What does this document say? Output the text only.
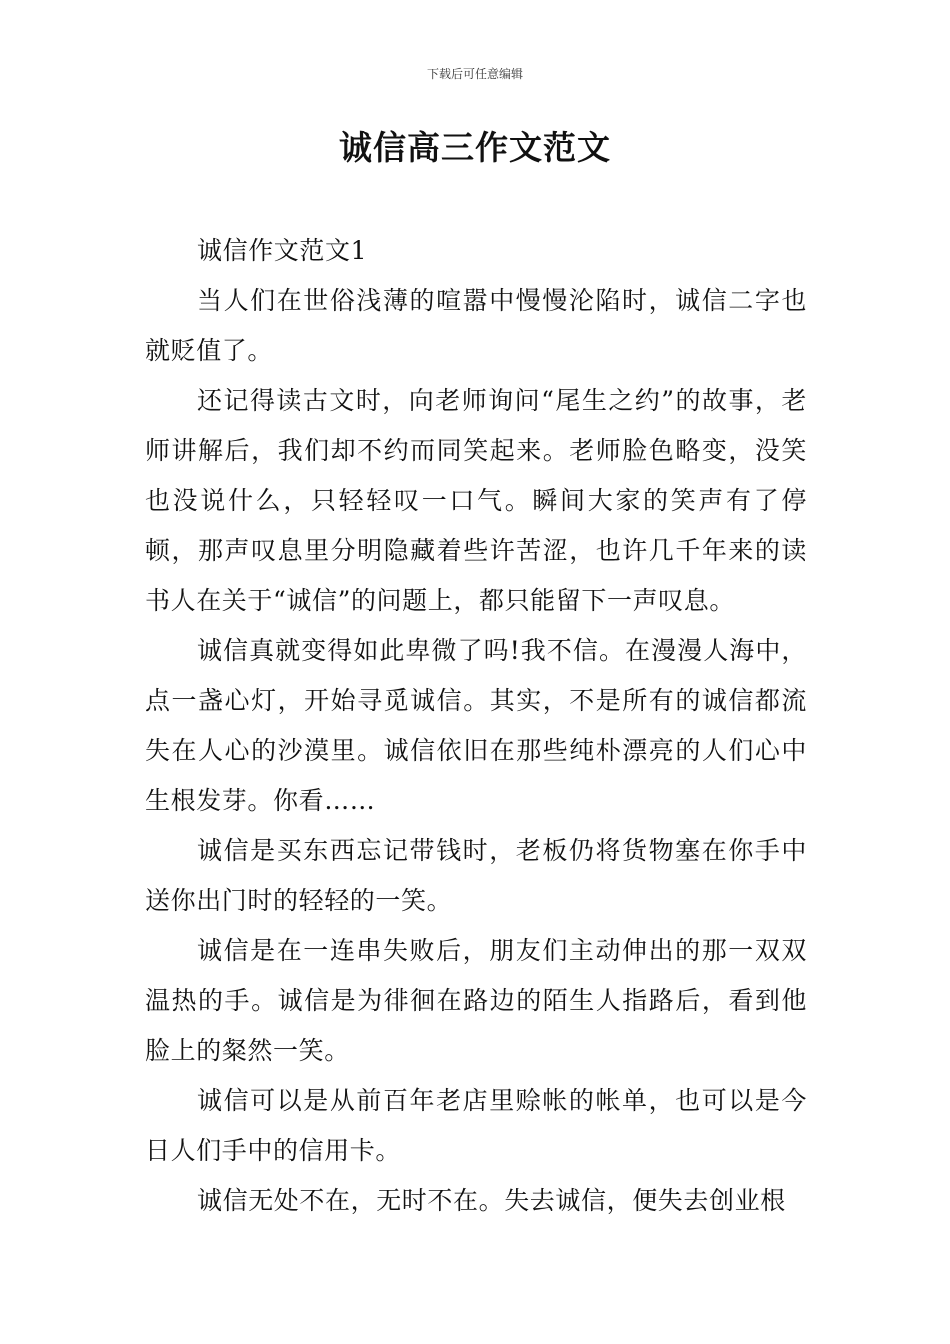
下载后可任意编辑
诚信高三作文范文

诚信作文范文1

当人们在世俗浅薄的喧嚣中慢慢沦陷时，诚信二字也就贬值了。

还记得读古文时，向老师询问“尾生之约”的故事，老师讲解后，我们却不约而同笑起来。老师脸色略变，没笑也没说什么，只轻轻叹一口气。瞬间大家的笑声有了停顿，那声叹息里分明隐藏着些许苦涩，也许几千年来的读书人在关于“诚信”的问题上，都只能留下一声叹息。

诚信真就变得如此卑微了吗!我不信。在漫漫人海中，点一盏心灯，开始寻觅诚信。其实，不是所有的诚信都流失在人心的沙漠里。诚信依旧在那些纯朴漂亮的人们心中生根发芽。你看……

诚信是买东西忘记带钱时，老板仍将货物塞在你手中送你出门时的轻轻的一笑。

诚信是在一连串失败后，朋友们主动伸出的那一双双温热的手。诚信是为徘徊在路边的陌生人指路后，看到他脸上的粲然一笑。

诚信可以是从前百年老店里赊帐的帐单，也可以是今日人们手中的信用卡。

诚信无处不在，无时不在。失去诚信，便失去创业根
